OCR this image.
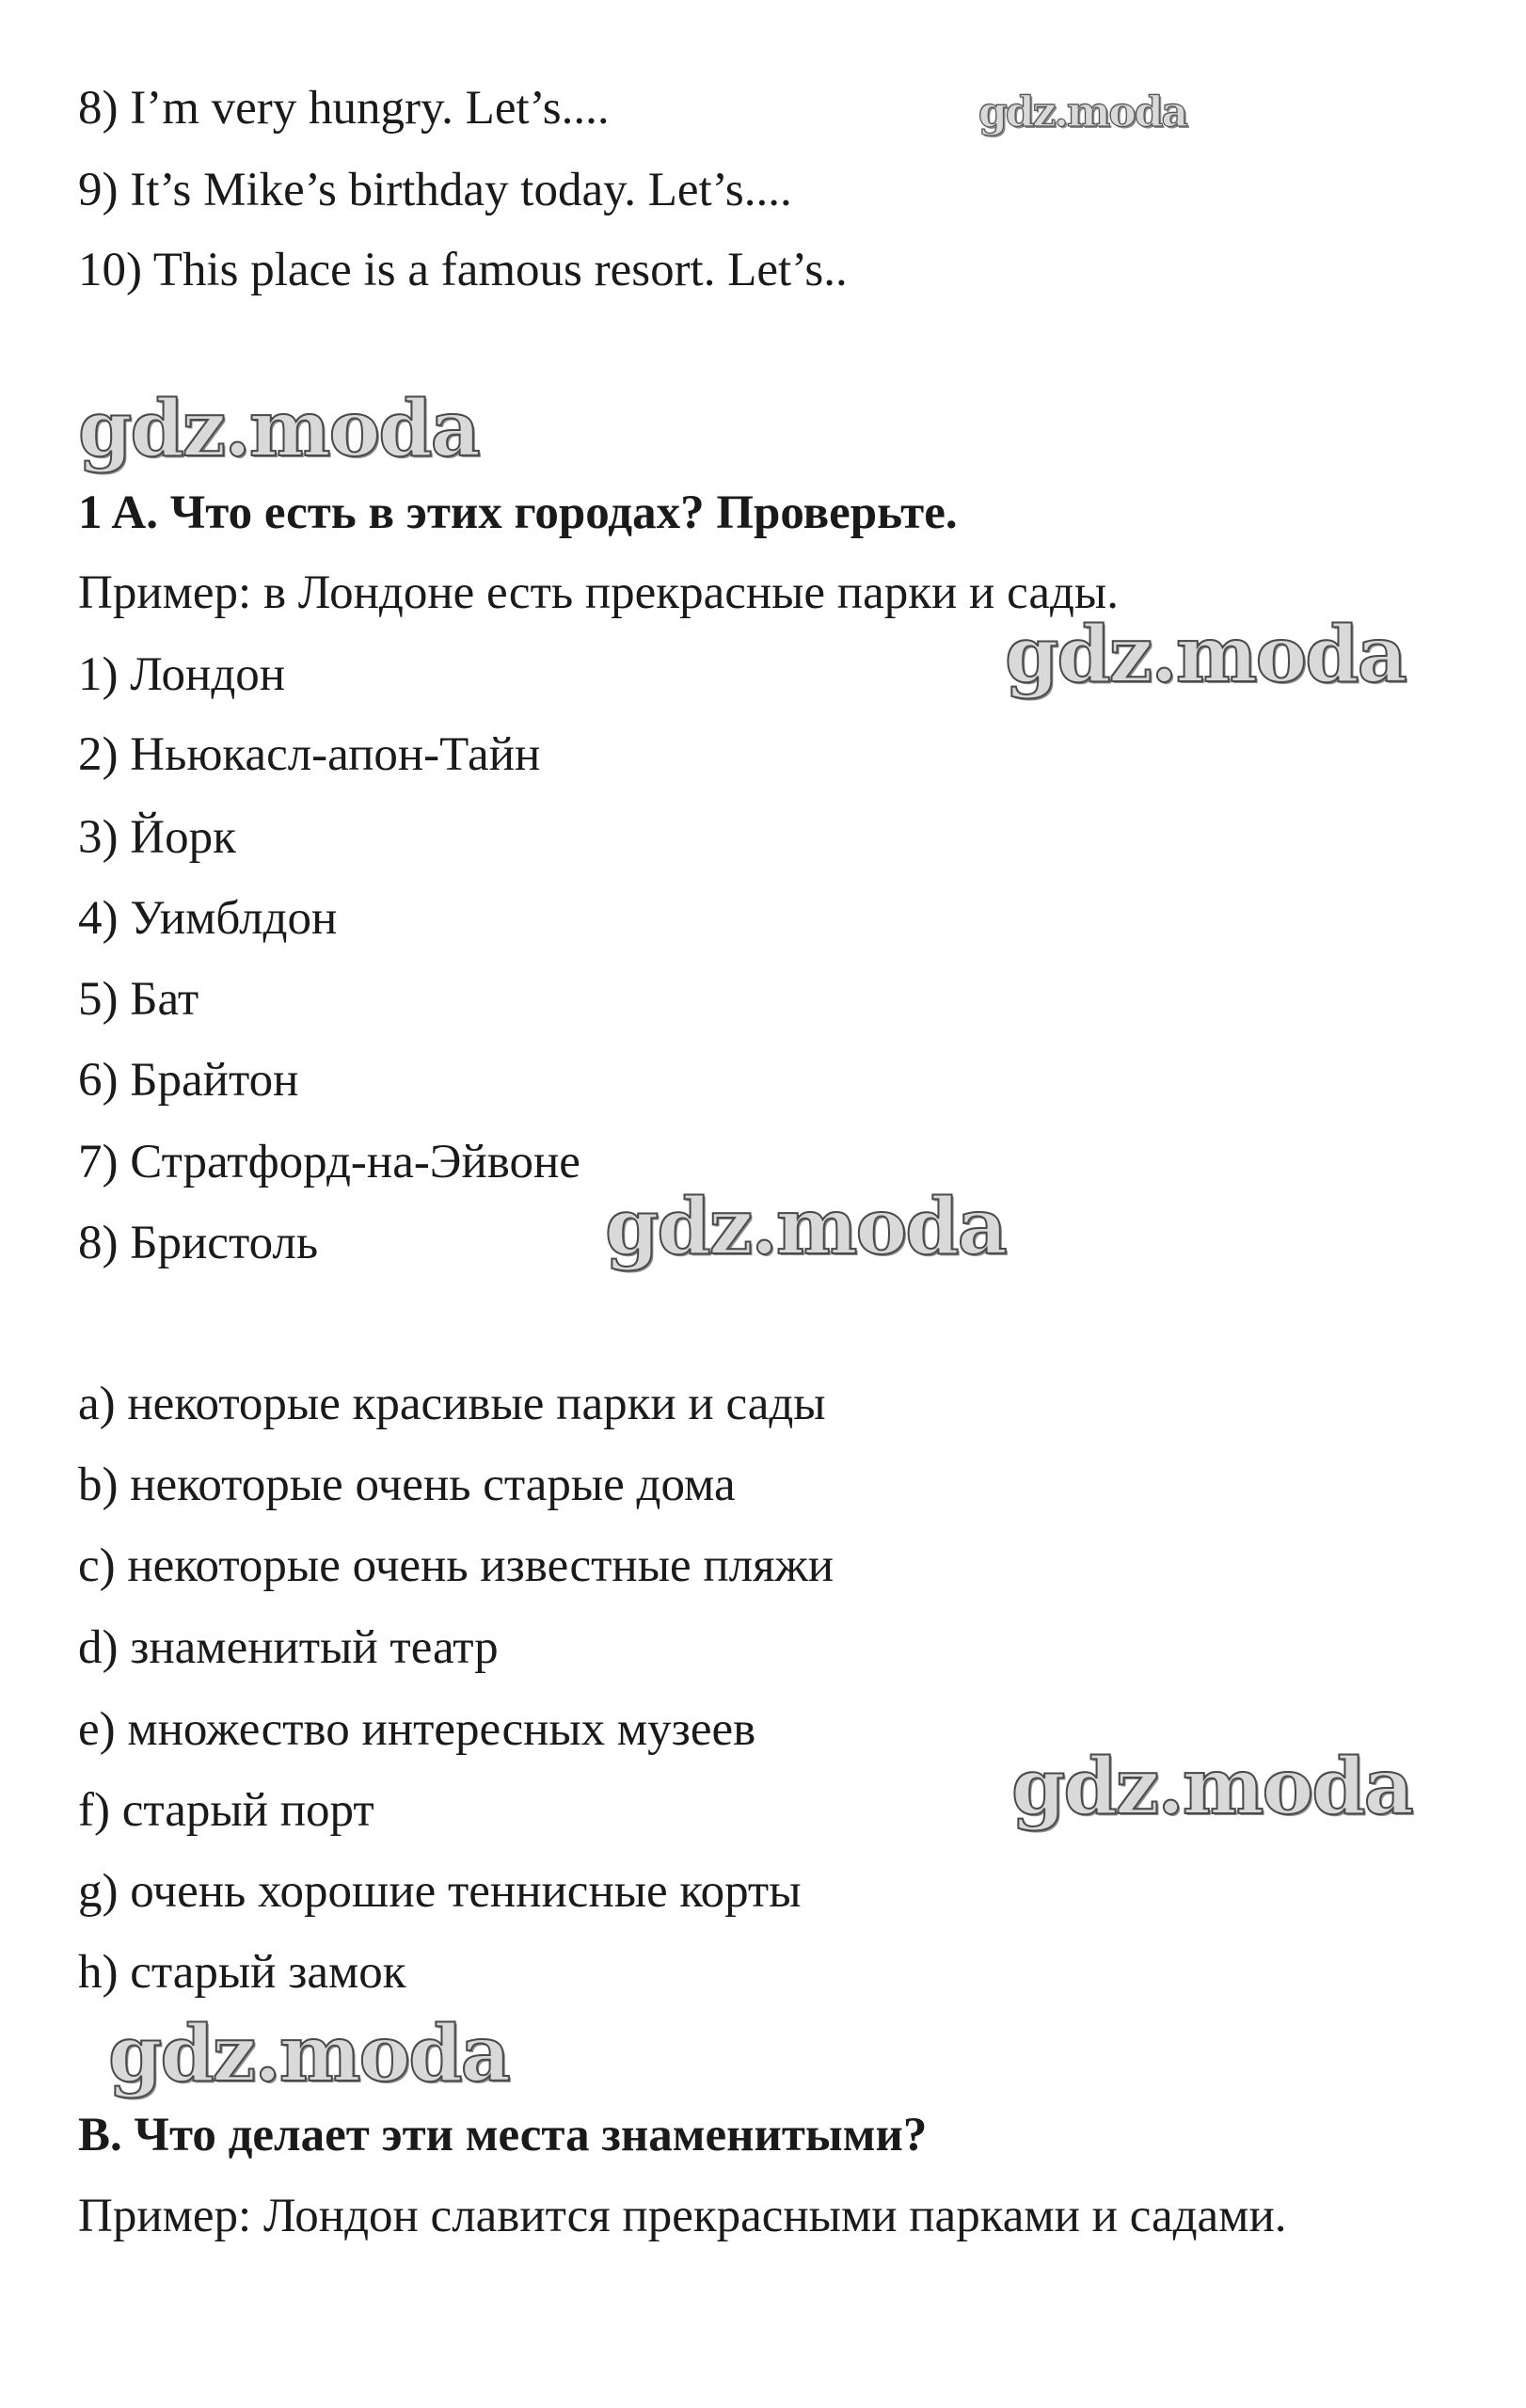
8) I’m very hungry. Let’s....
9) It’s Mike’s birthday today. Let’s....
10) This place is a famous resort. Let’s..
1 A. Что есть в этих городах? Проверьте.
Пример: в Лондоне есть прекрасные парки и сады.
1) Лондон
2) Ньюкасл-апон-Тайн
3) Йорк
4) Уимблдон
5) Бат
6) Брайтон
7) Стратфорд-на-Эйвоне
8) Бристоль
a) некоторые красивые парки и сады
b) некоторые очень старые дома
c) некоторые очень известные пляжи
d) знаменитый театр
e) множество интересных музеев
f) старый порт
g) очень хорошие теннисные корты
h) старый замок
B. Что делает эти места знаменитыми?
Пример: Лондон славится прекрасными парками и садами.
gdz.moda
gdz.moda
gdz.moda
gdz.moda
gdz.moda
gdz.moda
